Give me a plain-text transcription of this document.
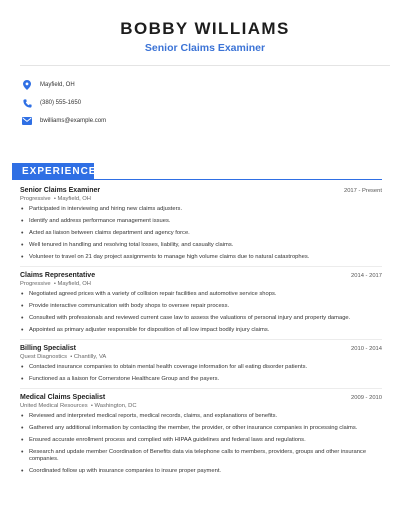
BOBBY WILLIAMS
Senior Claims Examiner
Mayfield, OH
(380) 555-1650
bwilliams@example.com
EXPERIENCE
Senior Claims Examiner	2017 - Present
Progressive  • Mayfield, OH
• Participated in interviewing and hiring new claims adjusters.
• Identify and address performance management issues.
• Acted as liaison between claims department and agency force.
• Well tenured in handling and resolving total losses, liability, and casualty claims.
• Volunteer to travel on 21 day project assignments to manage high volume claims due to natural catastrophes.
Claims Representative	2014 - 2017
Progressive  • Mayfield, OH
• Negotiated agreed prices with a variety of collision repair facilities and automotive service shops.
• Provide interactive communication with body shops to oversee repair process.
• Consulted with professionals and reviewed current case law to assess the valuations of personal injury and property damage.
• Appointed as primary adjuster responsible for disposition of all low impact bodily injury claims.
Billing Specialist	2010 - 2014
Quest Diagnostics  • Chantilly, VA
• Contacted insurance companies to obtain mental health coverage information for all eating disorder patients.
• Functioned as a liaison for Cornerstone Healthcare Group and the payers.
Medical Claims Specialist	2009 - 2010
United Medical Resources  • Washington, DC
• Reviewed and interpreted medical reports, medical records, claims, and explanations of benefits.
• Gathered any additional information by contacting the member, the provider, or other insurance companies in processing claims.
• Ensured accurate enrollment process and complied with HIPAA guidelines and federal laws and regulations.
• Research and update member Coordination of Benefits data via telephone calls to members, providers, groups and other insurance companies.
• Coordinated follow up with insurance companies to insure proper payment.
